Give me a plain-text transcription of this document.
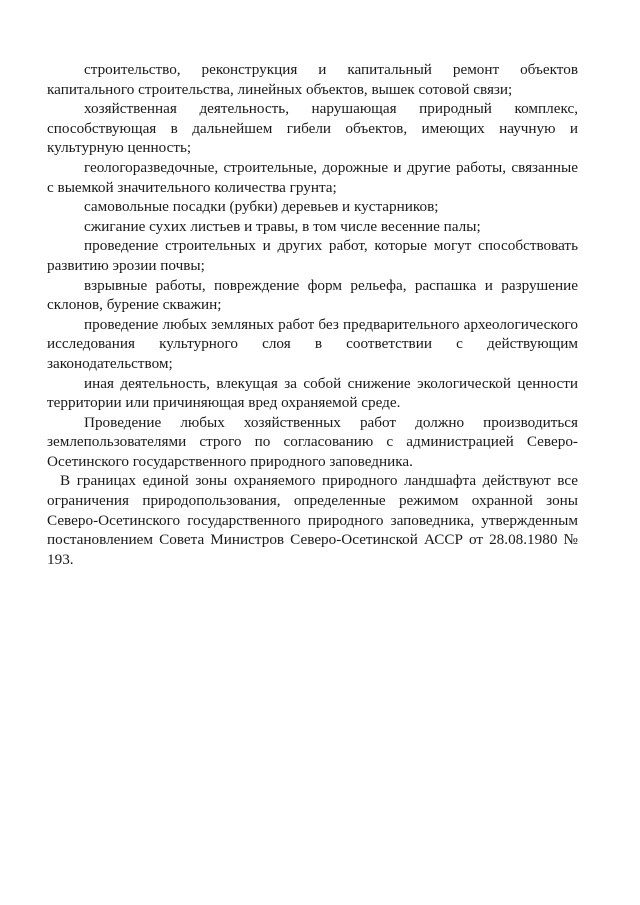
строительство, реконструкция и капитальный ремонт объектов капитального строительства, линейных объектов, вышек сотовой связи;

хозяйственная деятельность, нарушающая природный комплекс, способствующая в дальнейшем гибели объектов, имеющих научную и культурную ценность;

геологоразведочные, строительные, дорожные и другие работы, связанные с выемкой значительного количества грунта;

самовольные посадки (рубки) деревьев и кустарников;

сжигание сухих листьев и травы, в том числе весенние палы;

проведение строительных и других работ, которые могут способствовать развитию эрозии почвы;

взрывные работы, повреждение форм рельефа, распашка и разрушение склонов, бурение скважин;

проведение любых земляных работ без предварительного археологического исследования культурного слоя в соответствии с действующим законодательством;

иная деятельность, влекущая за собой снижение экологической ценности территории или причиняющая вред охраняемой среде.

Проведение любых хозяйственных работ должно производиться землепользователями строго по согласованию с администрацией Северо-Осетинского государственного природного заповедника.

В границах единой зоны охраняемого природного ландшафта действуют все ограничения природопользования, определенные режимом охранной зоны Северо-Осетинского государственного природного заповедника, утвержденным постановлением Совета Министров Северо-Осетинской АССР от 28.08.1980 № 193.
